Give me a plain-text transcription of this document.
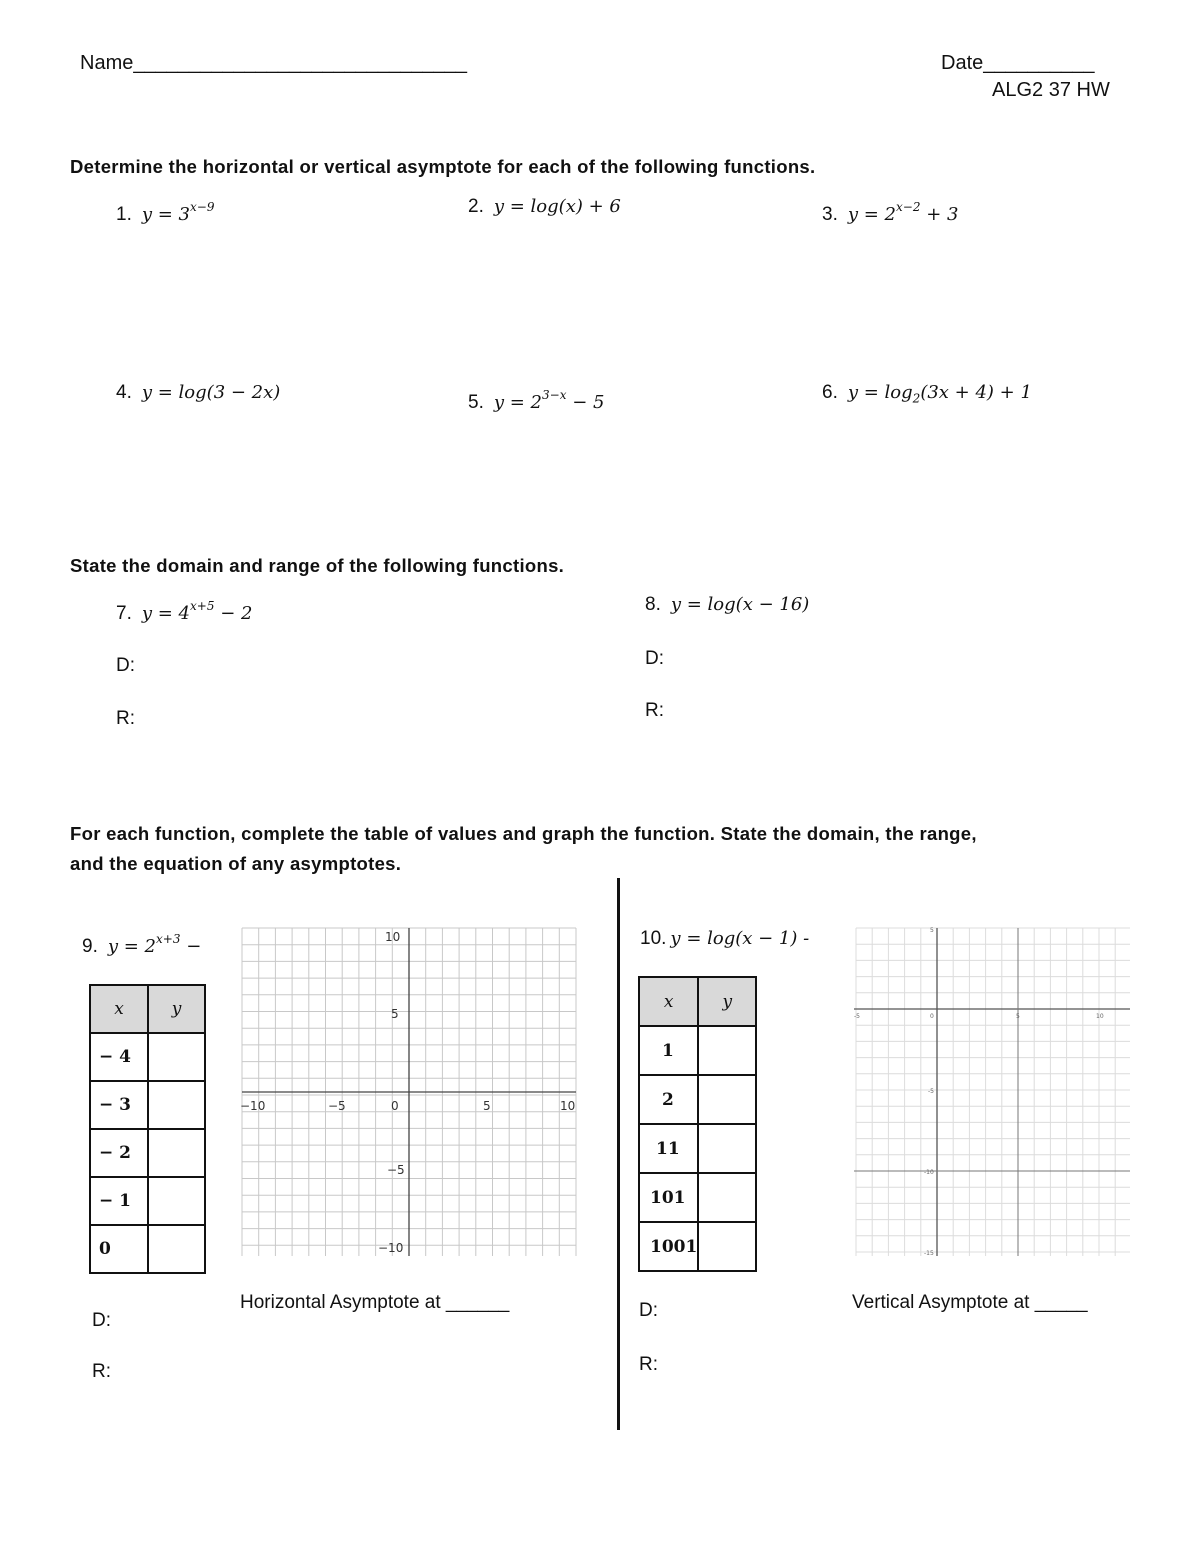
Name______________________________	Date__________
ALG2 37 HW
Determine the horizontal or vertical asymptote for each of the following functions.
1. $y = 3^{x-9}$	2. y = log(x) + 6	3. $y = 2^{x-2} + 3$
4. y = log(3 − 2x)	5. $y = 2^{3-x} - 5$	6. $y = \log_2(3x + 4) + 1$
State the domain and range of the following functions.
7. $y = 4^{x+5} - 2$
D:
R:
8. y = log(x − 16)
D:
R:
For each function, complete the table of values and graph the function. State the domain, the range,
and the equation of any asymptotes.
9. $y = 2^{x+3}$ −
x	y
− 4	
− 3	
− 2	
− 1	
0	
−10	−5	0	5	10
10
5
−5
−10
Horizontal Asymptote at ______
D:
R:
10. y = log(x − 1) -
x	y
1	
2	
11	
101	
1001	
-5	0	5	10
5
-5
-10
-15
Vertical Asymptote at _____
D:
R:
